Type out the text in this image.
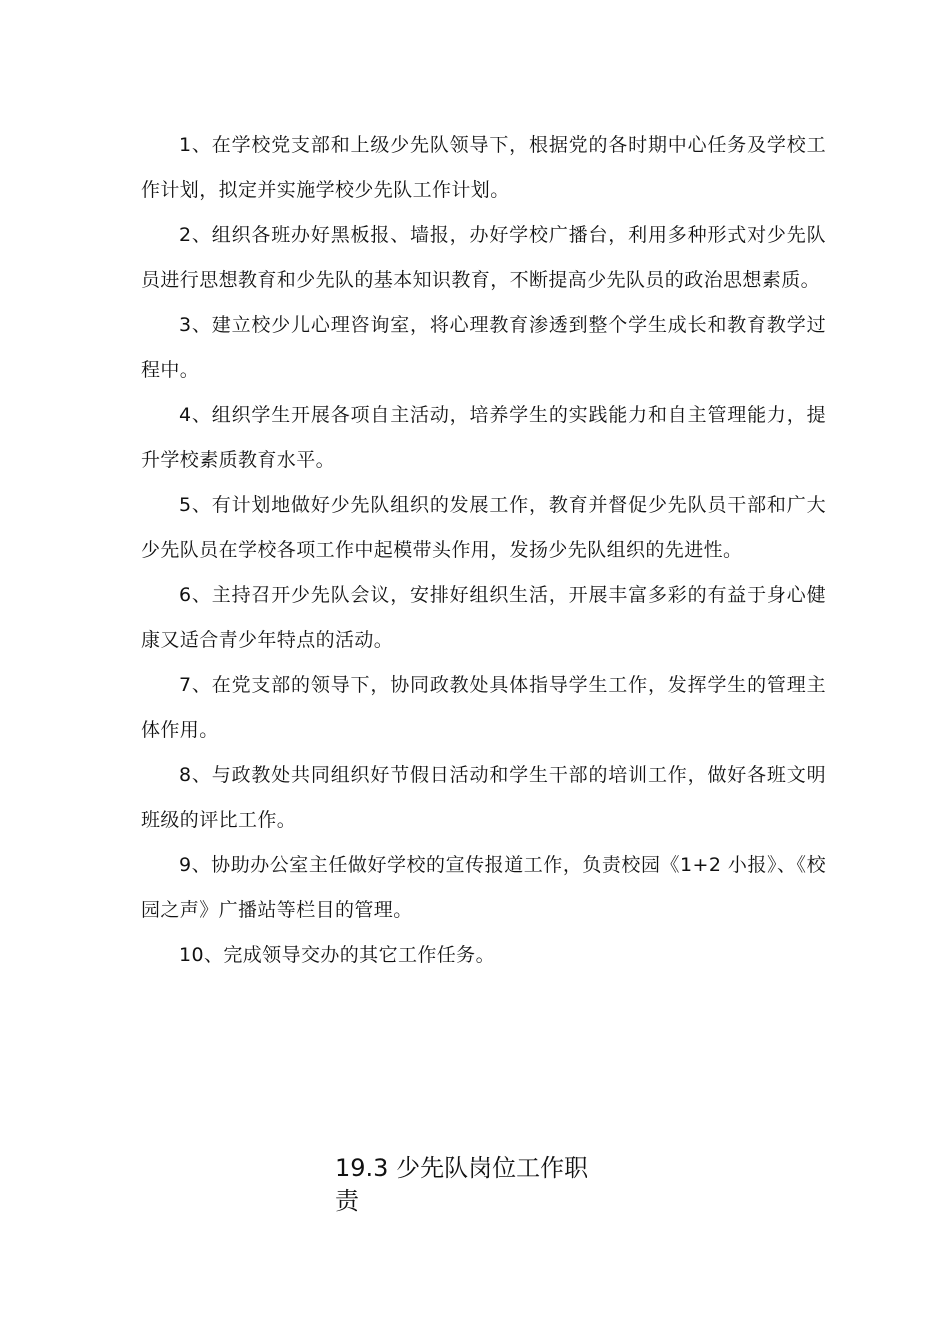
1、在学校党支部和上级少先队领导下，根据党的各时期中心任务及学校工作计划，拟定并实施学校少先队工作计划。

2、组织各班办好黑板报、墙报，办好学校广播台，利用多种形式对少先队员进行思想教育和少先队的基本知识教育，不断提高少先队员的政治思想素质。

3、建立校少儿心理咨询室，将心理教育渗透到整个学生成长和教育教学过程中。

4、组织学生开展各项自主活动，培养学生的实践能力和自主管理能力，提升学校素质教育水平。

5、有计划地做好少先队组织的发展工作，教育并督促少先队员干部和广大少先队员在学校各项工作中起模带头作用，发扬少先队组织的先进性。

6、主持召开少先队会议，安排好组织生活，开展丰富多彩的有益于身心健康又适合青少年特点的活动。

7、在党支部的领导下，协同政教处具体指导学生工作，发挥学生的管理主体作用。

8、与政教处共同组织好节假日活动和学生干部的培训工作，做好各班文明班级的评比工作。

9、协助办公室主任做好学校的宣传报道工作，负责校园《1+2 小报》、《校园之声》广播站等栏目的管理。

10、完成领导交办的其它工作任务。

19.3 少先队岗位工作职责
